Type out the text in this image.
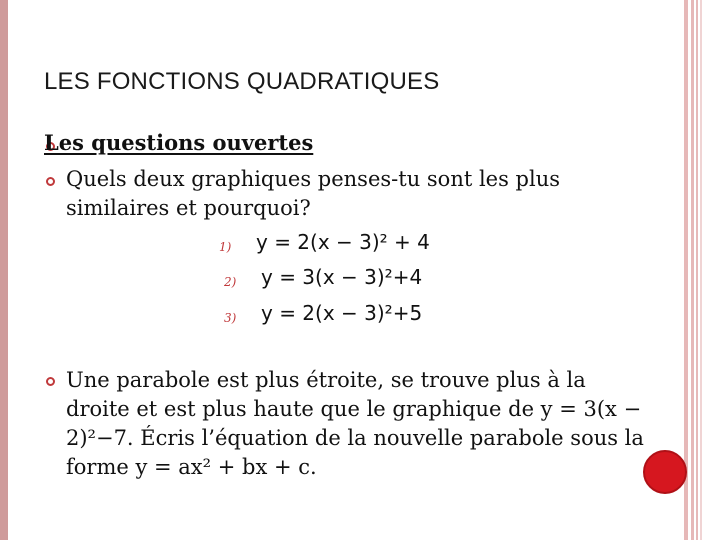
LES FONCTIONS QUADRATIQUES
Les questions ouvertes
Quels deux graphiques penses-tu sont les plus similaires et pourquoi?
1) y = 2(x − 3)² + 4
2) y = 3(x − 3)²+4
3) y = 2(x − 3)²+5
Une parabole est plus étroite, se trouve plus à la droite et est plus haute que le graphique de y = 3(x − 2)²−7. Écris l’équation de la nouvelle parabole sous la forme y = ax² + bx + c.
